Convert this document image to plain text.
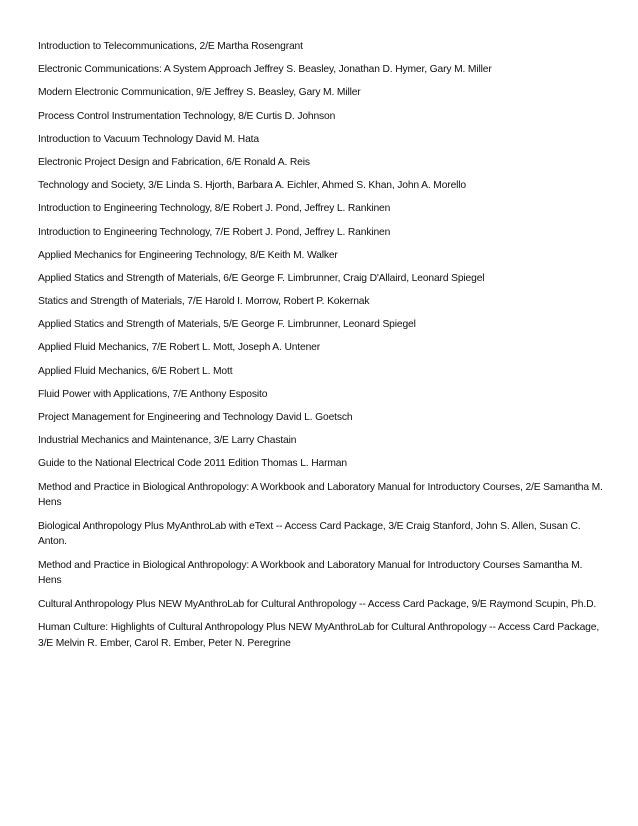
Introduction to Telecommunications, 2/E Martha Rosengrant
Electronic Communications: A System Approach Jeffrey S. Beasley, Jonathan D. Hymer, Gary M. Miller
Modern Electronic Communication, 9/E Jeffrey S. Beasley, Gary M. Miller
Process Control Instrumentation Technology, 8/E Curtis D. Johnson
Introduction to Vacuum Technology David M. Hata
Electronic Project Design and Fabrication, 6/E Ronald A. Reis
Technology and Society, 3/E Linda S. Hjorth, Barbara A. Eichler, Ahmed S. Khan, John A. Morello
Introduction to Engineering Technology, 8/E Robert J. Pond, Jeffrey L. Rankinen
Introduction to Engineering Technology, 7/E Robert J. Pond, Jeffrey L. Rankinen
Applied Mechanics for Engineering Technology, 8/E Keith M. Walker
Applied Statics and Strength of Materials, 6/E George F. Limbrunner, Craig D'Allaird, Leonard Spiegel
Statics and Strength of Materials, 7/E Harold I. Morrow, Robert P. Kokernak
Applied Statics and Strength of Materials, 5/E George F. Limbrunner, Leonard Spiegel
Applied Fluid Mechanics, 7/E Robert L. Mott, Joseph A. Untener
Applied Fluid Mechanics, 6/E Robert L. Mott
Fluid Power with Applications, 7/E Anthony Esposito
Project Management for Engineering and Technology David L. Goetsch
Industrial Mechanics and Maintenance, 3/E Larry Chastain
Guide to the National Electrical Code 2011 Edition Thomas L. Harman
Method and Practice in Biological Anthropology: A Workbook and Laboratory Manual for Introductory Courses, 2/E Samantha M. Hens
Biological Anthropology Plus MyAnthroLab with eText -- Access Card Package, 3/E Craig Stanford, John S. Allen, Susan C. Anton.
Method and Practice in Biological Anthropology: A Workbook and Laboratory Manual for Introductory Courses Samantha M. Hens
Cultural Anthropology Plus NEW MyAnthroLab for Cultural Anthropology -- Access Card Package, 9/E Raymond Scupin, Ph.D.
Human Culture: Highlights of Cultural Anthropology Plus NEW MyAnthroLab for Cultural Anthropology -- Access Card Package, 3/E Melvin R. Ember, Carol R. Ember, Peter N. Peregrine
